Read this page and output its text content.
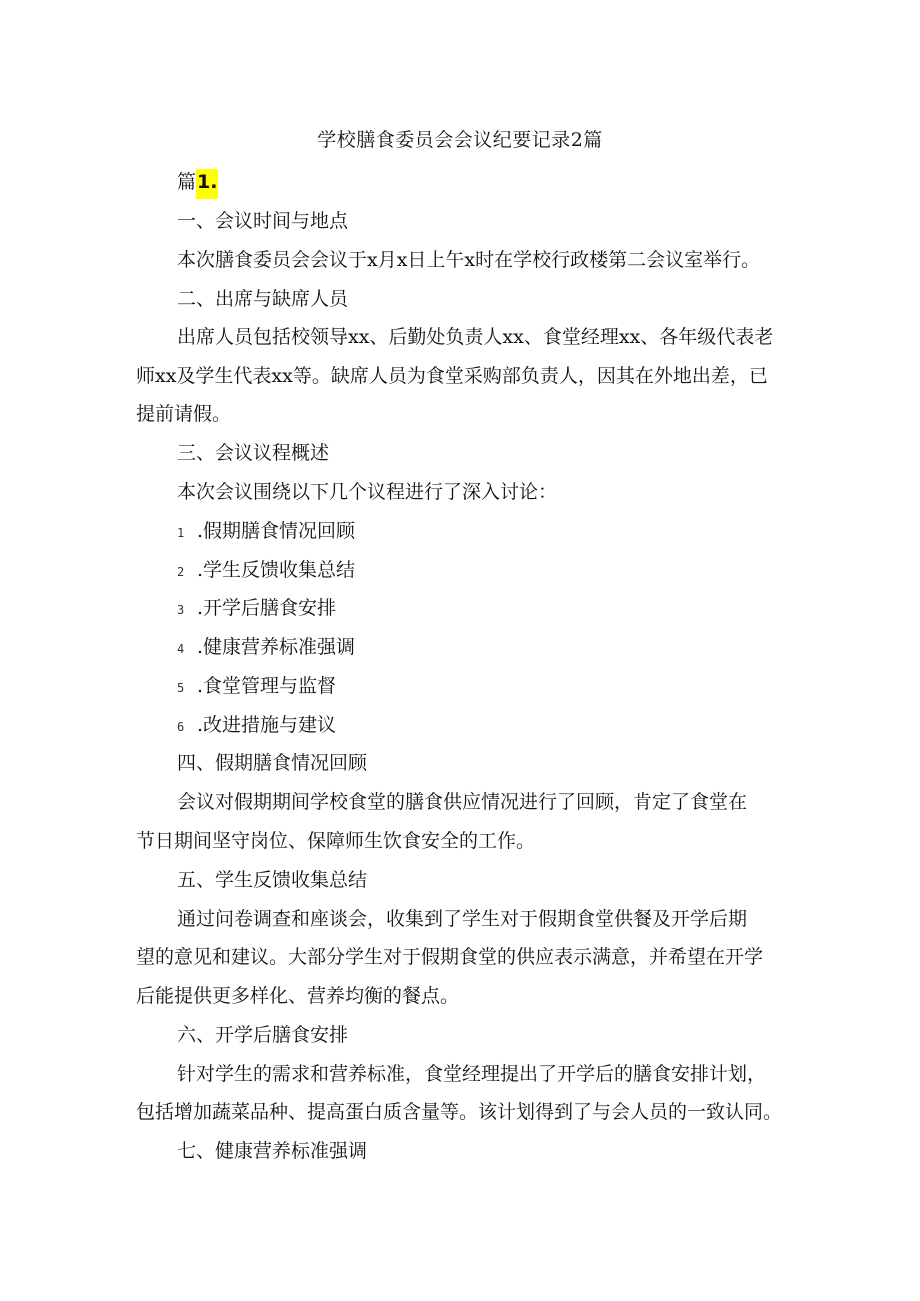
学校膳食委员会会议纪要记录2篇
篇1.
一、会议时间与地点
本次膳食委员会会议于x月x日上午x时在学校行政楼第二会议室举行。
二、出席与缺席人员
出席人员包括校领导xx、后勤处负责人xx、食堂经理xx、各年级代表老
师xx及学生代表xx等。缺席人员为食堂采购部负责人，因其在外地出差，已
提前请假。
三、会议议程概述
本次会议围绕以下几个议程进行了深入讨论：
1 .假期膳食情况回顾
2 .学生反馈收集总结
3 .开学后膳食安排
4 .健康营养标准强调
5 .食堂管理与监督
6 .改进措施与建议
四、假期膳食情况回顾
会议对假期期间学校食堂的膳食供应情况进行了回顾，肯定了食堂在
节日期间坚守岗位、保障师生饮食安全的工作。
五、学生反馈收集总结
通过问卷调查和座谈会，收集到了学生对于假期食堂供餐及开学后期
望的意见和建议。大部分学生对于假期食堂的供应表示满意，并希望在开学
后能提供更多样化、营养均衡的餐点。
六、开学后膳食安排
针对学生的需求和营养标准，食堂经理提出了开学后的膳食安排计划，
包括增加蔬菜品种、提高蛋白质含量等。该计划得到了与会人员的一致认同。
七、健康营养标准强调
